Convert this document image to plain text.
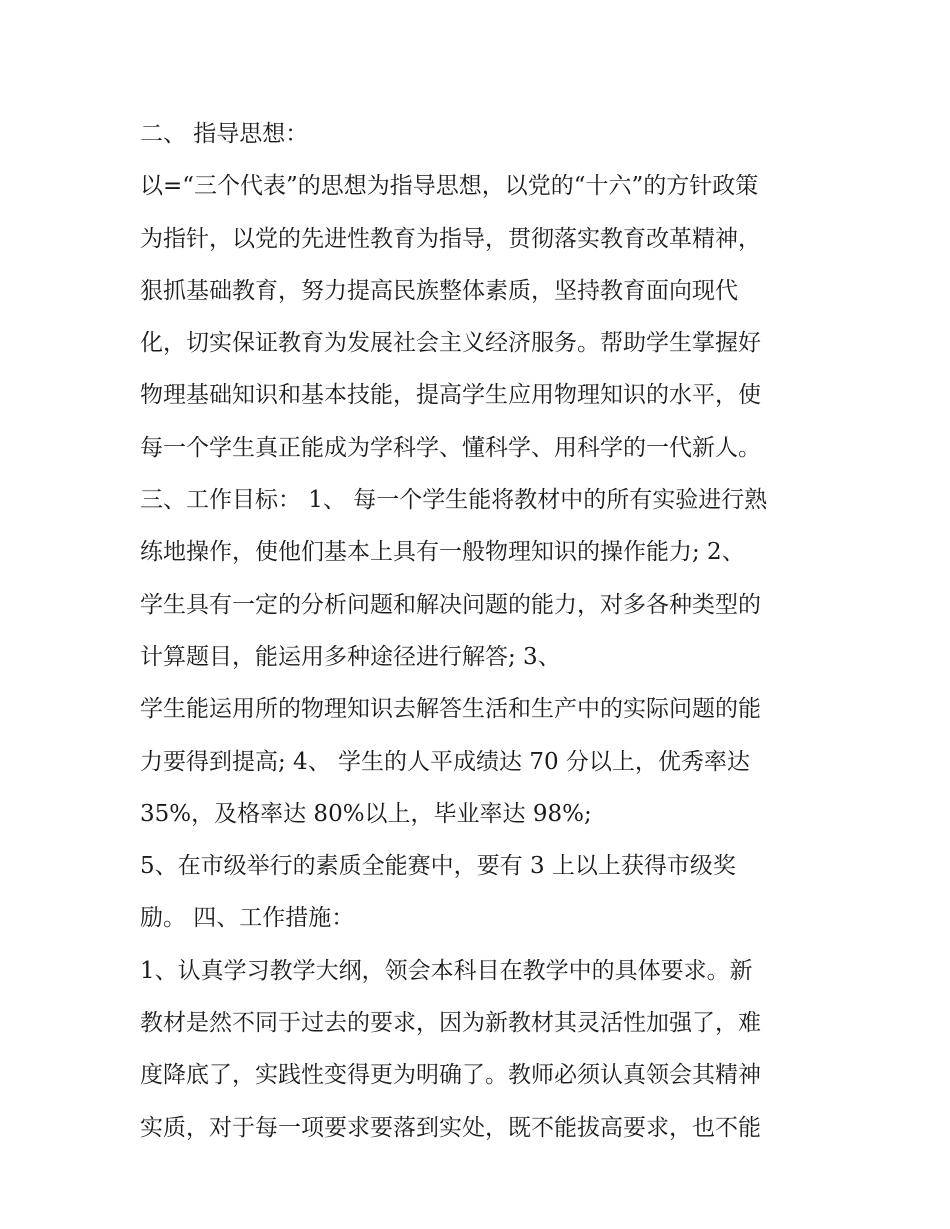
二、 指导思想：
以=“三个代表”的思想为指导思想，以党的“十六”的方针政策
为指针，以党的先进性教育为指导，贯彻落实教育改革精神，
狠抓基础教育，努力提高民族整体素质，坚持教育面向现代
化，切实保证教育为发展社会主义经济服务。帮助学生掌握好
物理基础知识和基本技能，提高学生应用物理知识的水平，使
每一个学生真正能成为学科学、懂科学、用科学的一代新人。
三、工作目标： 1、 每一个学生能将教材中的所有实验进行熟
练地操作，使他们基本上具有一般物理知识的操作能力; 2、
学生具有一定的分析问题和解决问题的能力，对多各种类型的
计算题目，能运用多种途径进行解答; 3、
学生能运用所的物理知识去解答生活和生产中的实际问题的能
力要得到提高; 4、 学生的人平成绩达 70 分以上，优秀率达
35%，及格率达 80%以上，毕业率达 98%;
5、在市级举行的素质全能赛中，要有 3 上以上获得市级奖
励。 四、工作措施：
1、认真学习教学大纲，领会本科目在教学中的具体要求。新
教材是然不同于过去的要求，因为新教材其灵活性加强了，难
度降底了，实践性变得更为明确了。教师必须认真领会其精神
实质，对于每一项要求要落到实处，既不能拔高要求，也不能
